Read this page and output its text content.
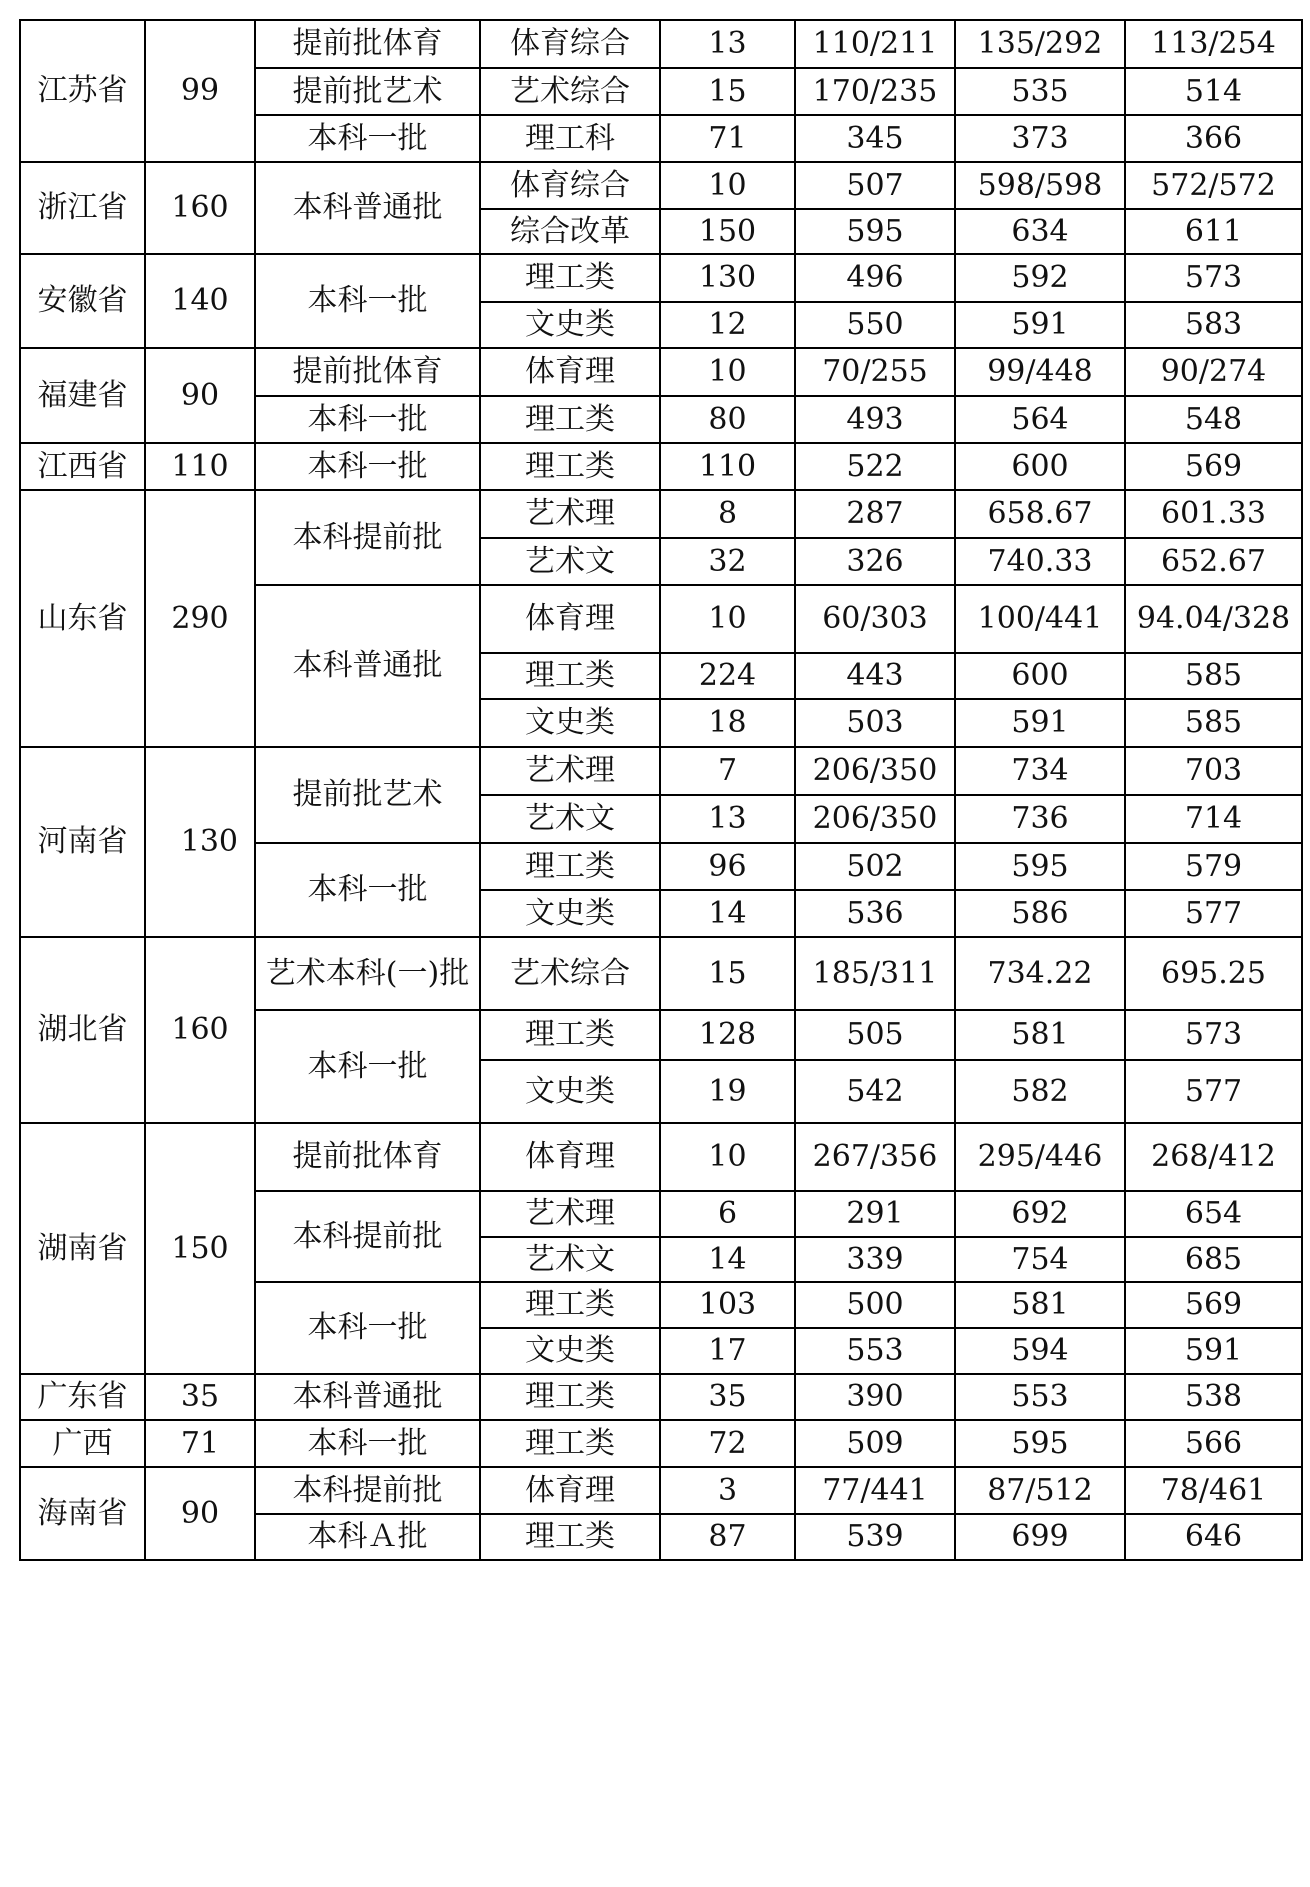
江苏省	99	提前批体育	体育综合	13	110/211	135/292	113/254
		提前批艺术	艺术综合	15	170/235	535	514
		本科一批	理工科	71	345	373	366
浙江省	160	本科普通批	体育综合	10	507	598/598	572/572
			综合改革	150	595	634	611
安徽省	140	本科一批	理工类	130	496	592	573
			文史类	12	550	591	583
福建省	90	提前批体育	体育理	10	70/255	99/448	90/274
		本科一批	理工类	80	493	564	548
江西省	110	本科一批	理工类	110	522	600	569
山东省	290	本科提前批	艺术理	8	287	658.67	601.33
			艺术文	32	326	740.33	652.67
		本科普通批	体育理	10	60/303	100/441	94.04/328
			理工类	224	443	600	585
			文史类	18	503	591	585
河南省	130	提前批艺术	艺术理	7	206/350	734	703
			艺术文	13	206/350	736	714
		本科一批	理工类	96	502	595	579
			文史类	14	536	586	577
湖北省	160	艺术本科(一)批	艺术综合	15	185/311	734.22	695.25
		本科一批	理工类	128	505	581	573
			文史类	19	542	582	577
湖南省	150	提前批体育	体育理	10	267/356	295/446	268/412
		本科提前批	艺术理	6	291	692	654
			艺术文	14	339	754	685
		本科一批	理工类	103	500	581	569
			文史类	17	553	594	591
广东省	35	本科普通批	理工类	35	390	553	538
广西	71	本科一批	理工类	72	509	595	566
海南省	90	本科提前批	体育理	3	77/441	87/512	78/461
		本科Ａ批	理工类	87	539	699	646
